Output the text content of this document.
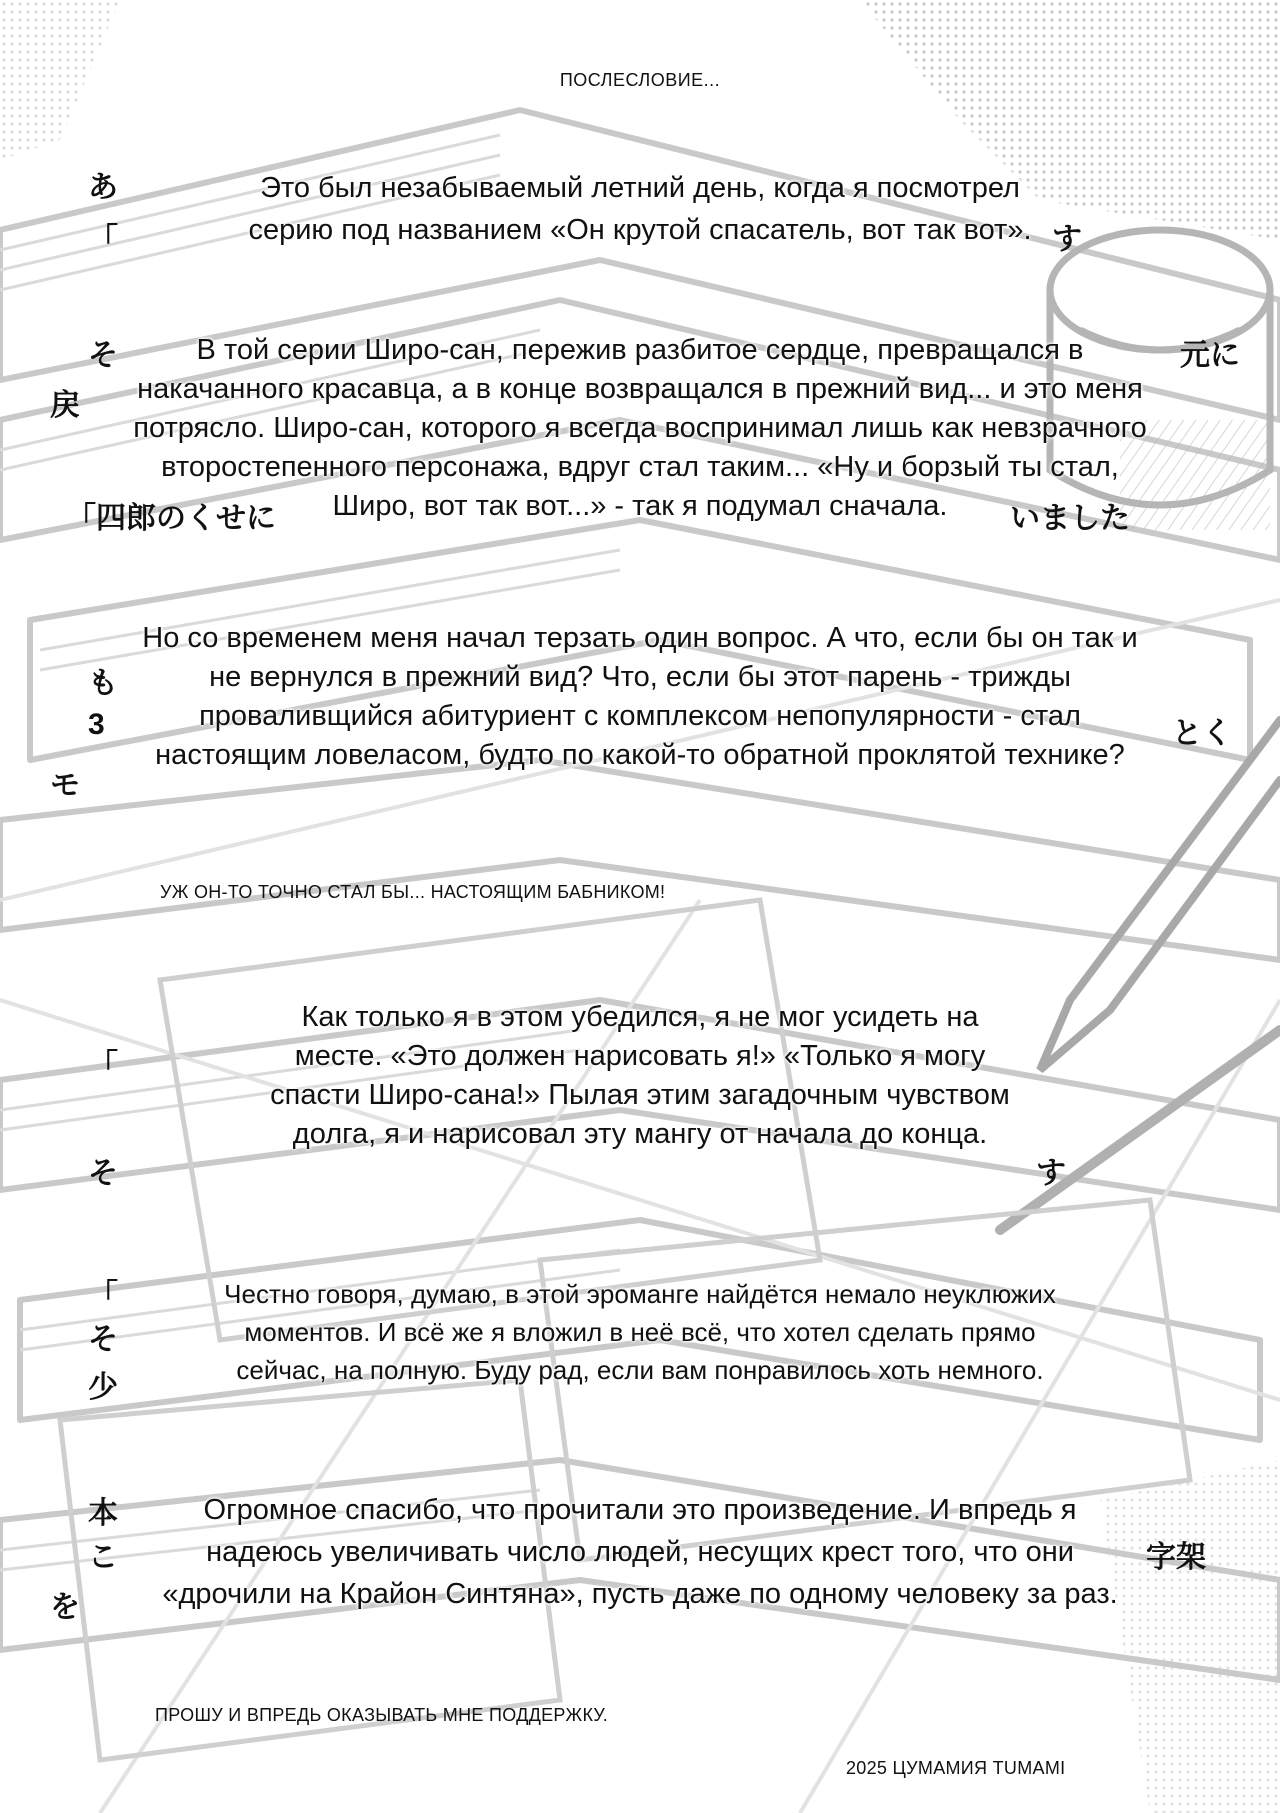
あ
「	す
そ	元に
戻
「四郎のくせに	いました
も
3	とく
モ
「
そ	す
「
そ
少
本
こ	字架
を
ПОСЛЕСЛОВИЕ...

Это был незабываемый летний день, когда я посмотрел
серию под названием «Он крутой спасатель, вот так вот».

В той серии Широ-сан, пережив разбитое сердце, превращался в
накачанного красавца, а в конце возвращался в прежний вид... и это меня
потрясло. Широ-сан, которого я всегда воспринимал лишь как невзрачного
второстепенного персонажа, вдруг стал таким... «Ну и борзый ты стал,
Широ, вот так вот...» - так я подумал сначала.

Но со временем меня начал терзать один вопрос. А что, если бы он так и
не вернулся в прежний вид? Что, если бы этот парень - трижды
проваливщийся абитуриент с комплексом непопулярности - стал
настоящим ловеласом, будто по какой-то обратной проклятой технике?

УЖ ОН-ТО ТОЧНО СТАЛ БЫ... НАСТОЯЩИМ БАБНИКОМ!

Как только я в этом убедился, я не мог усидеть на
месте. «Это должен нарисовать я!» «Только я могу
спасти Широ-сана!» Пылая этим загадочным чувством
долга, я и нарисовал эту мангу от начала до конца.

Честно говоря, думаю, в этой эроманге найдётся немало неуклюжих
моментов. И всё же я вложил в неё всё, что хотел сделать прямо
сейчас, на полную. Буду рад, если вам понравилось хоть немного.

Огромное спасибо, что прочитали это произведение. И впредь я
надеюсь увеличивать число людей, несущих крест того, что они
«дрочили на Крайон Синтяна», пусть даже по одному человеку за раз.

ПРОШУ И ВПРЕДЬ ОКАЗЫВАТЬ МНЕ ПОДДЕРЖКУ.
2025 ЦУМАМИЯ TUMAMI
